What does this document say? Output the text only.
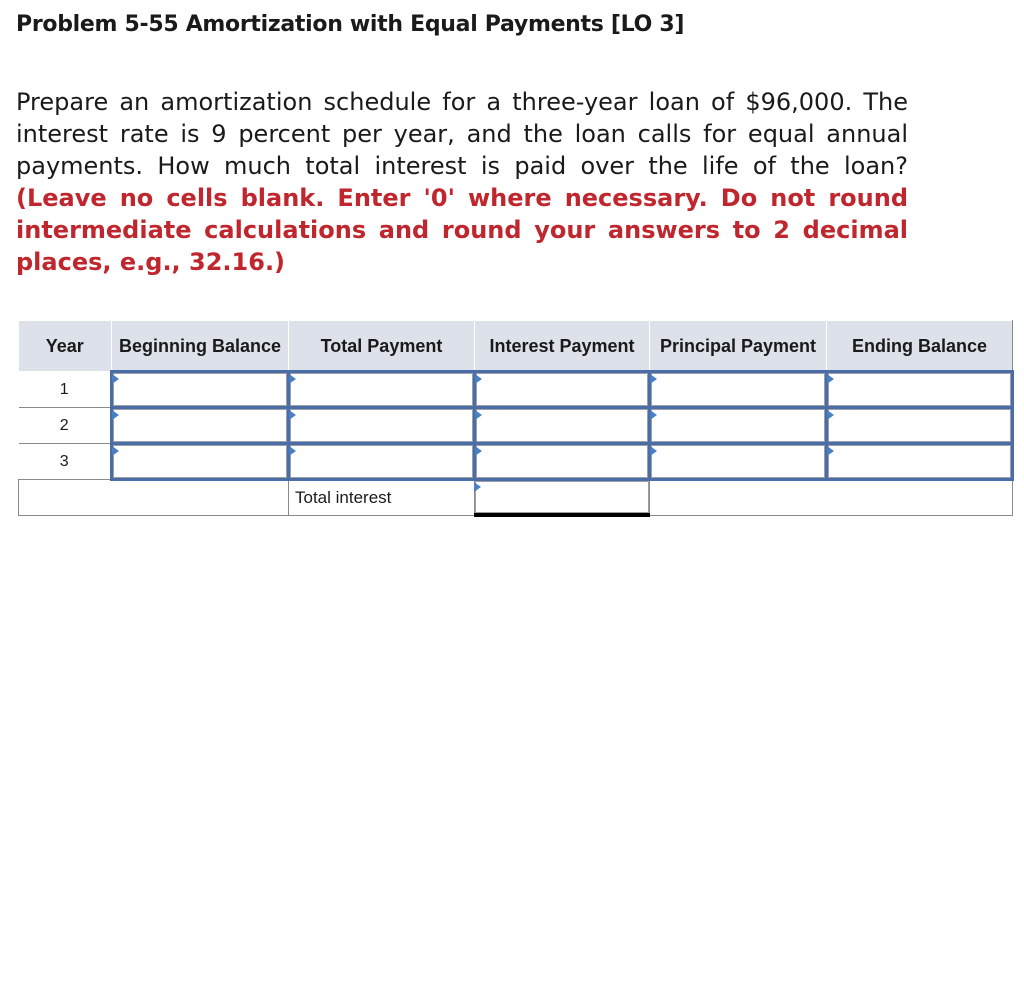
Problem 5-55 Amortization with Equal Payments [LO 3]

Prepare an amortization schedule for a three-year loan of $96,000. The interest rate is 9 percent per year, and the loan calls for equal annual payments. How much total interest is paid over the life of the loan? (Leave no cells blank. Enter '0' where necessary. Do not round intermediate calculations and round your answers to 2 decimal places, e.g., 32.16.)

Year	Beginning Balance	Total Payment	Interest Payment	Principal Payment	Ending Balance
1					
2					
3					
		Total interest		
